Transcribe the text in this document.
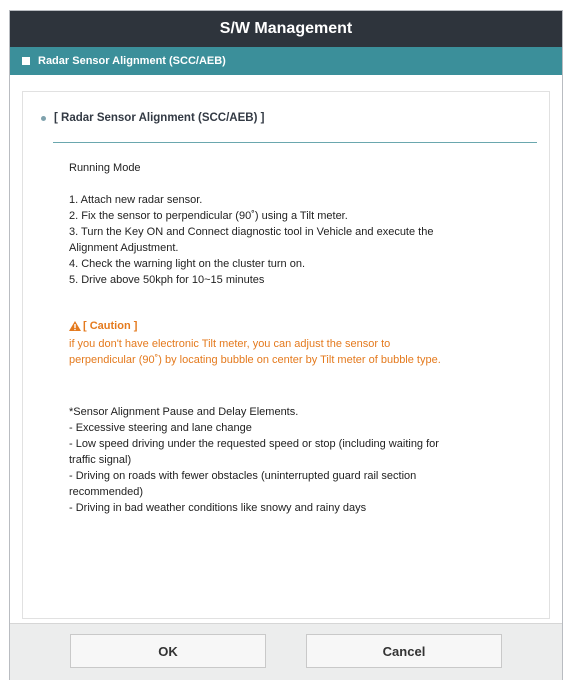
S/W Management
Radar Sensor Alignment (SCC/AEB)
[ Radar Sensor Alignment (SCC/AEB) ]
Running Mode
1. Attach new radar sensor.
2. Fix the sensor to perpendicular (90˚) using a Tilt meter.
3. Turn the Key ON and Connect diagnostic tool in Vehicle and execute the
Alignment Adjustment.
4. Check the warning light on the cluster turn on.
5. Drive above 50kph for 10~15 minutes
[ Caution ]
if you don't have electronic Tilt meter, you can adjust the sensor to
perpendicular (90˚) by locating bubble on center by Tilt meter of bubble type.
*Sensor Alignment Pause and Delay Elements.
- Excessive steering and lane change
- Low speed driving under the requested speed or stop (including waiting for
traffic signal)
- Driving on roads with fewer obstacles (uninterrupted guard rail section
recommended)
- Driving in bad weather conditions like snowy and rainy days
OK	Cancel
